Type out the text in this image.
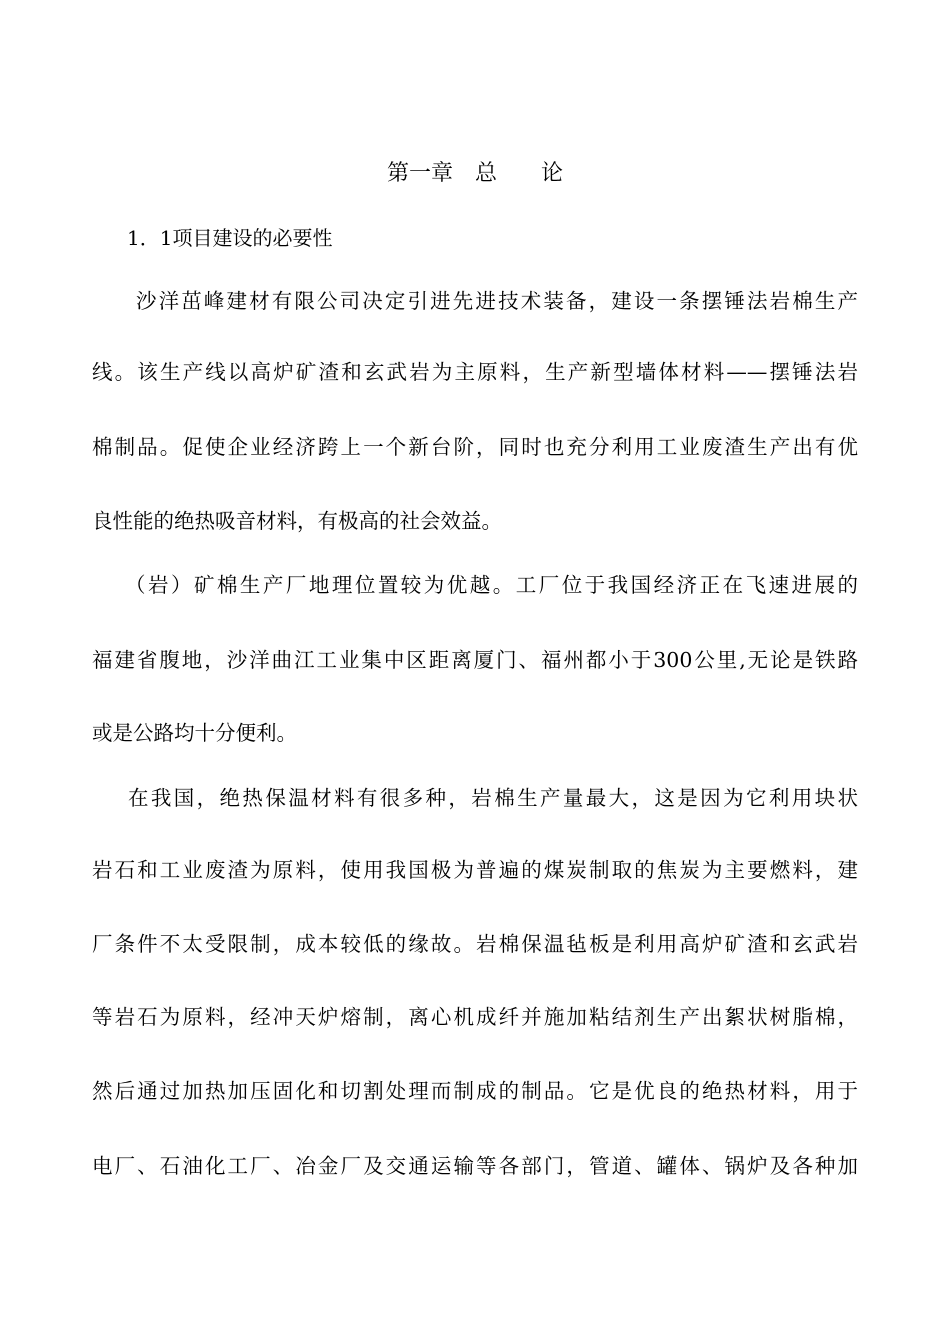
第一章　总　　论
1．1项目建设的必要性
沙洋茁峰建材有限公司决定引进先进技术装备，建设一条摆锤法岩棉生产
线。该生产线以高炉矿渣和玄武岩为主原料，生产新型墙体材料——摆锤法岩
棉制品。促使企业经济跨上一个新台阶，同时也充分利用工业废渣生产出有优
良性能的绝热吸音材料，有极高的社会效益。
（岩）矿棉生产厂地理位置较为优越。工厂位于我国经济正在飞速进展的
福建省腹地，沙洋曲江工业集中区距离厦门、福州都小于300公里,无论是铁路
或是公路均十分便利。
在我国，绝热保温材料有很多种，岩棉生产量最大，这是因为它利用块状
岩石和工业废渣为原料，使用我国极为普遍的煤炭制取的焦炭为主要燃料，建
厂条件不太受限制，成本较低的缘故。岩棉保温毡板是利用高炉矿渣和玄武岩
等岩石为原料，经冲天炉熔制，离心机成纤并施加粘结剂生产出絮状树脂棉，
然后通过加热加压固化和切割处理而制成的制品。它是优良的绝热材料，用于
电厂、石油化工厂、冶金厂及交通运输等各部门，管道、罐体、锅炉及各种加
